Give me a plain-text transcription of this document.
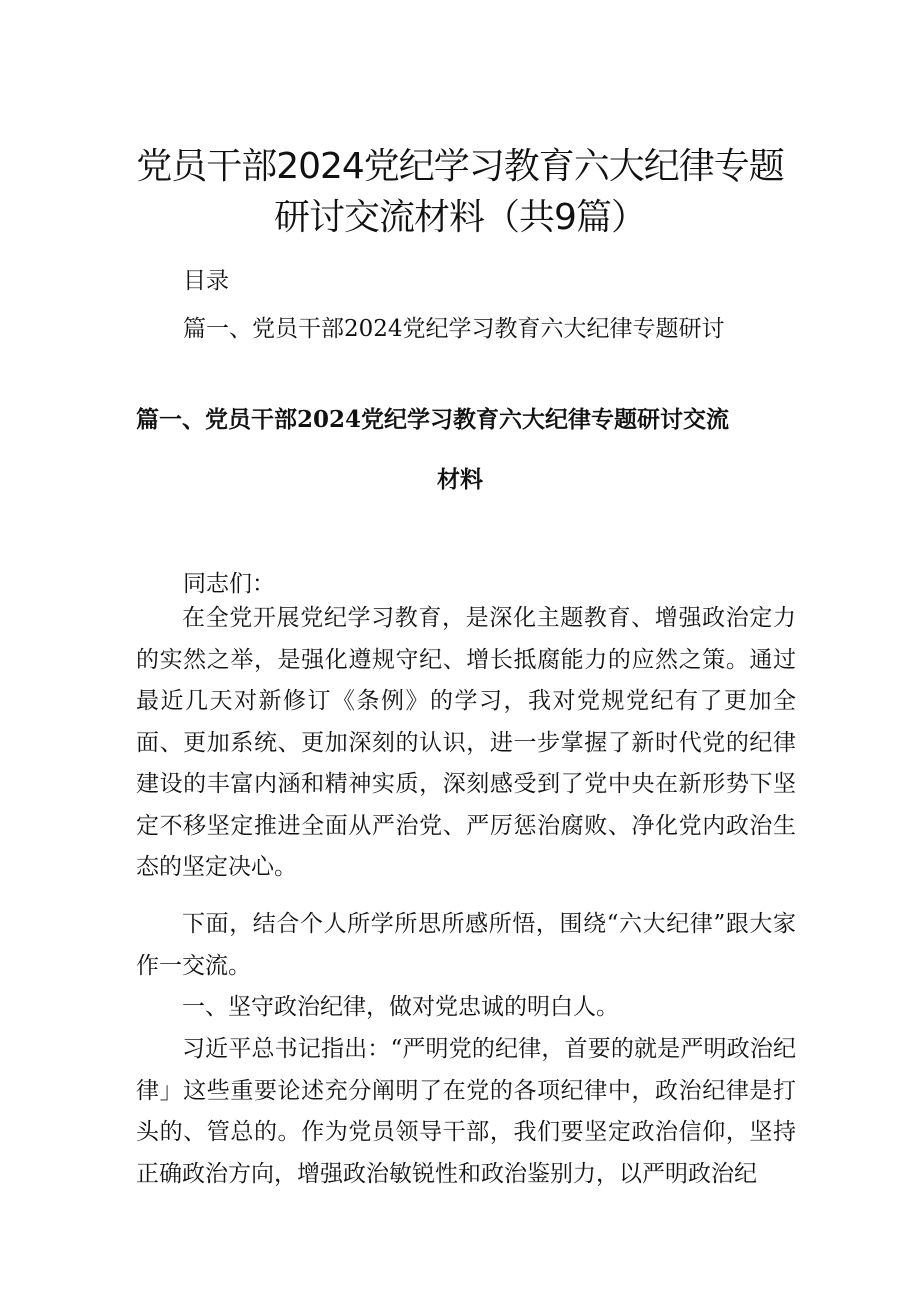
党员干部2024党纪学习教育六大纪律专题
研讨交流材料（共9篇）
目录
篇一、党员干部2024党纪学习教育六大纪律专题研讨
篇一、党员干部2024党纪学习教育六大纪律专题研讨交流
材料
同志们：

在全党开展党纪学习教育，是深化主题教育、增强政治定力的实然之举，是强化遵规守纪、增长抵腐能力的应然之策。通过最近几天对新修订《条例》的学习，我对党规党纪有了更加全面、更加系统、更加深刻的认识，进一步掌握了新时代党的纪律建设的丰富内涵和精神实质，深刻感受到了党中央在新形势下坚定不移坚定推进全面从严治党、严厉惩治腐败、净化党内政治生态的坚定决心。

下面，结合个人所学所思所感所悟，围绕“六大纪律”跟大家作一交流。

一、坚守政治纪律，做对党忠诚的明白人。

习近平总书记指出：“严明党的纪律，首要的就是严明政治纪律」这些重要论述充分阐明了在党的各项纪律中，政治纪律是打头的、管总的。作为党员领导干部，我们要坚定政治信仰，坚持正确政治方向，增强政治敏锐性和政治鉴别力，以严明政治纪
